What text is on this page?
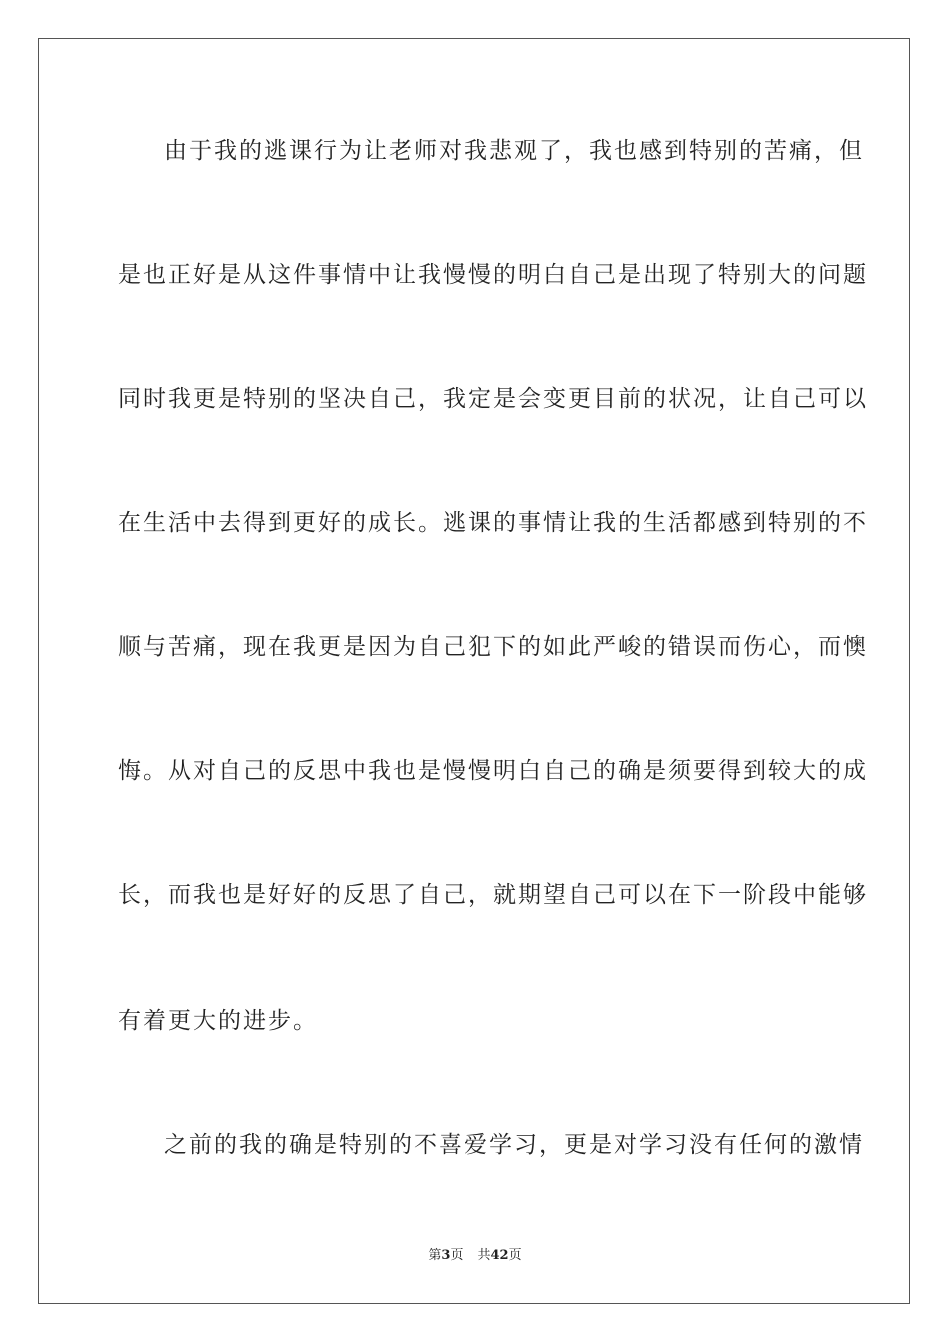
由于我的逃课行为让老师对我悲观了，我也感到特别的苦痛，但
是也正好是从这件事情中让我慢慢的明白自己是出现了特别大的问题
同时我更是特别的坚决自己，我定是会变更目前的状况，让自己可以
在生活中去得到更好的成长。逃课的事情让我的生活都感到特别的不
顺与苦痛，现在我更是因为自己犯下的如此严峻的错误而伤心，而懊
悔。从对自己的反思中我也是慢慢明白自己的确是须要得到较大的成
长，而我也是好好的反思了自己，就期望自己可以在下一阶段中能够
有着更大的进步。
之前的我的确是特别的不喜爱学习，更是对学习没有任何的激情
第3页 共42页
